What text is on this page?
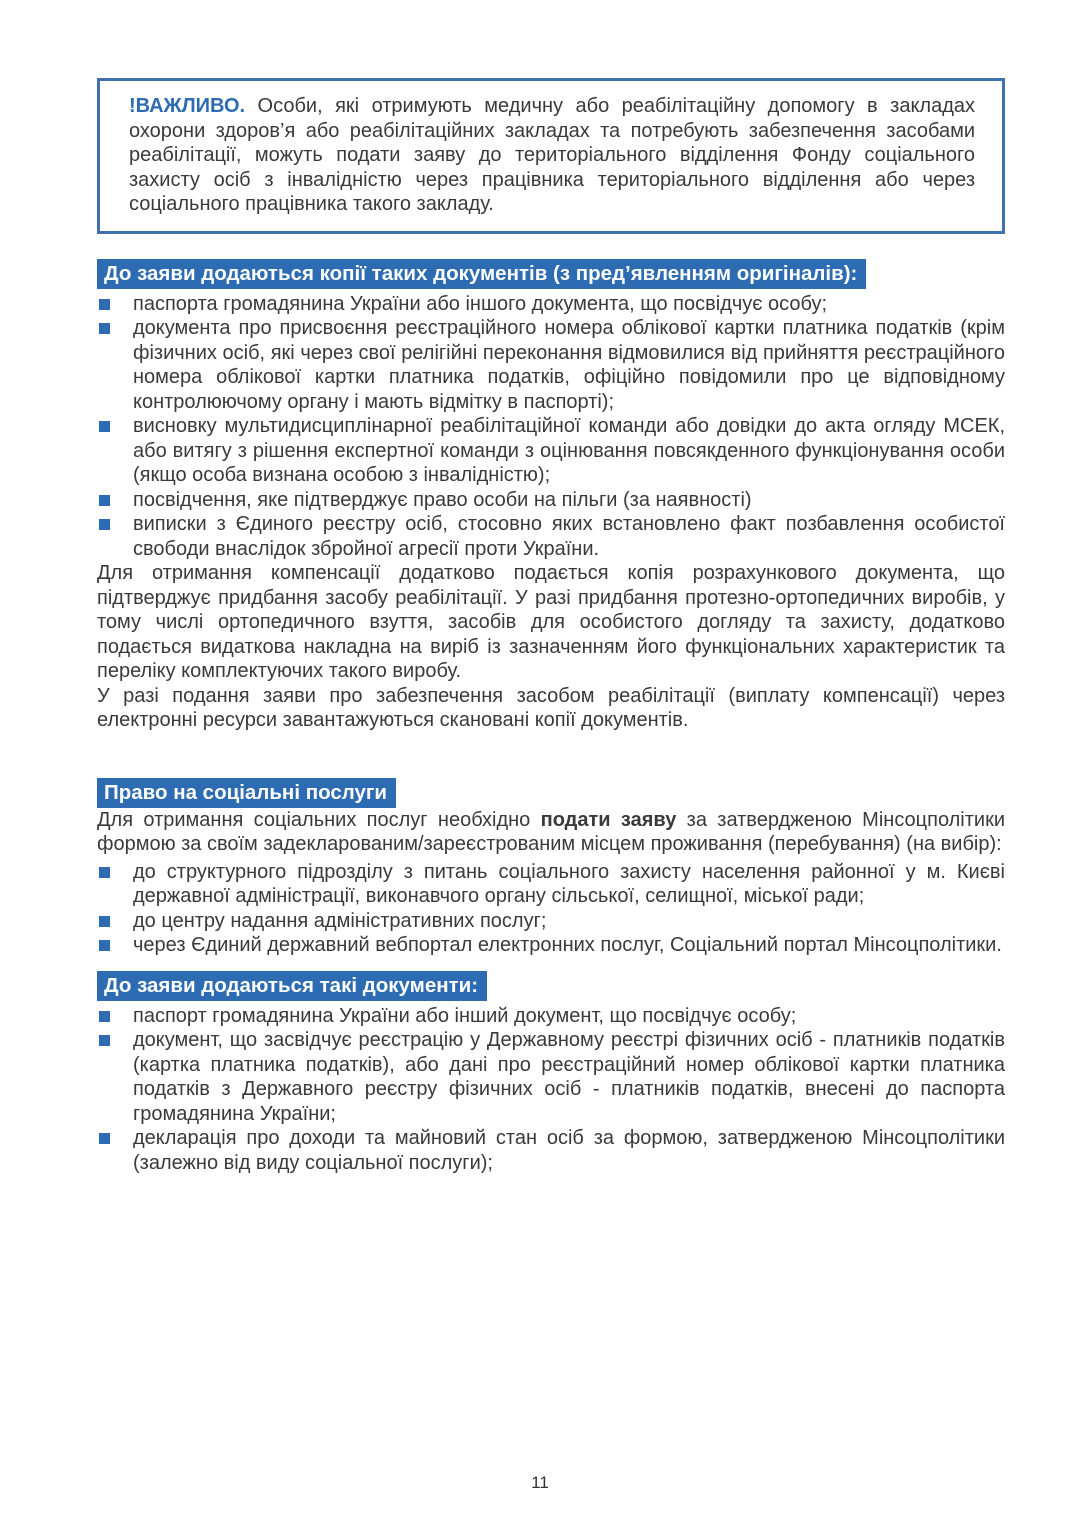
!ВАЖЛИВО. Особи, які отримують медичну або реабілітаційну допомогу в закладах охорони здоров’я або реабілітаційних закладах та потребують забезпечення засобами реабілітації, можуть подати заяву до територіального відділення Фонду соціального захисту осіб з інвалідністю через працівника територіального відділення або через соціального працівника такого закладу.
До заяви додаються копії таких документів (з пред’явленням оригіналів):
паспорта громадянина України або іншого документа, що посвідчує особу;
документа про присвоєння реєстраційного номера облікової картки платника податків (крім фізичних осіб, які через свої релігійні переконання відмовилися від прийняття реєстраційного номера облікової картки платника податків, офіційно повідомили про це відповідному контролюючому органу і мають відмітку в паспорті);
висновку мультидисциплінарної реабілітаційної команди або довідки до акта огляду МСЕК, або витягу з рішення експертної команди з оцінювання повсякденного функціонування особи (якщо особа визнана особою з інвалідністю);
посвідчення, яке підтверджує право особи на пільги (за наявності)
виписки з Єдиного реєстру осіб, стосовно яких встановлено факт позбавлення особистої свободи внаслідок збройної агресії проти України.

Для отримання компенсації додатково подається копія розрахункового документа, що підтверджує придбання засобу реабілітації. У разі придбання протезно-ортопедичних виробів, у тому числі ортопедичного взуття, засобів для особистого догляду та захисту, додатково подається видаткова накладна на виріб із зазначенням його функціональних характеристик та переліку комплектуючих такого виробу.

У разі подання заяви про забезпечення засобом реабілітації (виплату компенсації) через електронні ресурси завантажуються скановані копії документів.

Право на соціальні послуги

Для отримання соціальних послуг необхідно подати заяву за затвердженою Мінсоцполітики формою за своїм задекларованим/зареєстрованим місцем проживання (перебування) (на вибір):

до структурного підрозділу з питань соціального захисту населення районної у м. Києві державної адміністрації, виконавчого органу сільської, селищної, міської ради;
до центру надання адміністративних послуг;
через Єдиний державний вебпортал електронних послуг, Соціальний портал Мінсоцполітики.
До заяви додаються такі документи:
паспорт громадянина України або інший документ, що посвідчує особу;
документ, що засвідчує реєстрацію у Державному реєстрі фізичних осіб - платників податків (картка платника податків), або дані про реєстраційний номер облікової картки платника податків з Державного реєстру фізичних осіб - платників податків, внесені до паспорта громадянина України;
декларація про доходи та майновий стан осіб за формою, затвердженою Мінсоцполітики (залежно від виду соціальної послуги);
11
